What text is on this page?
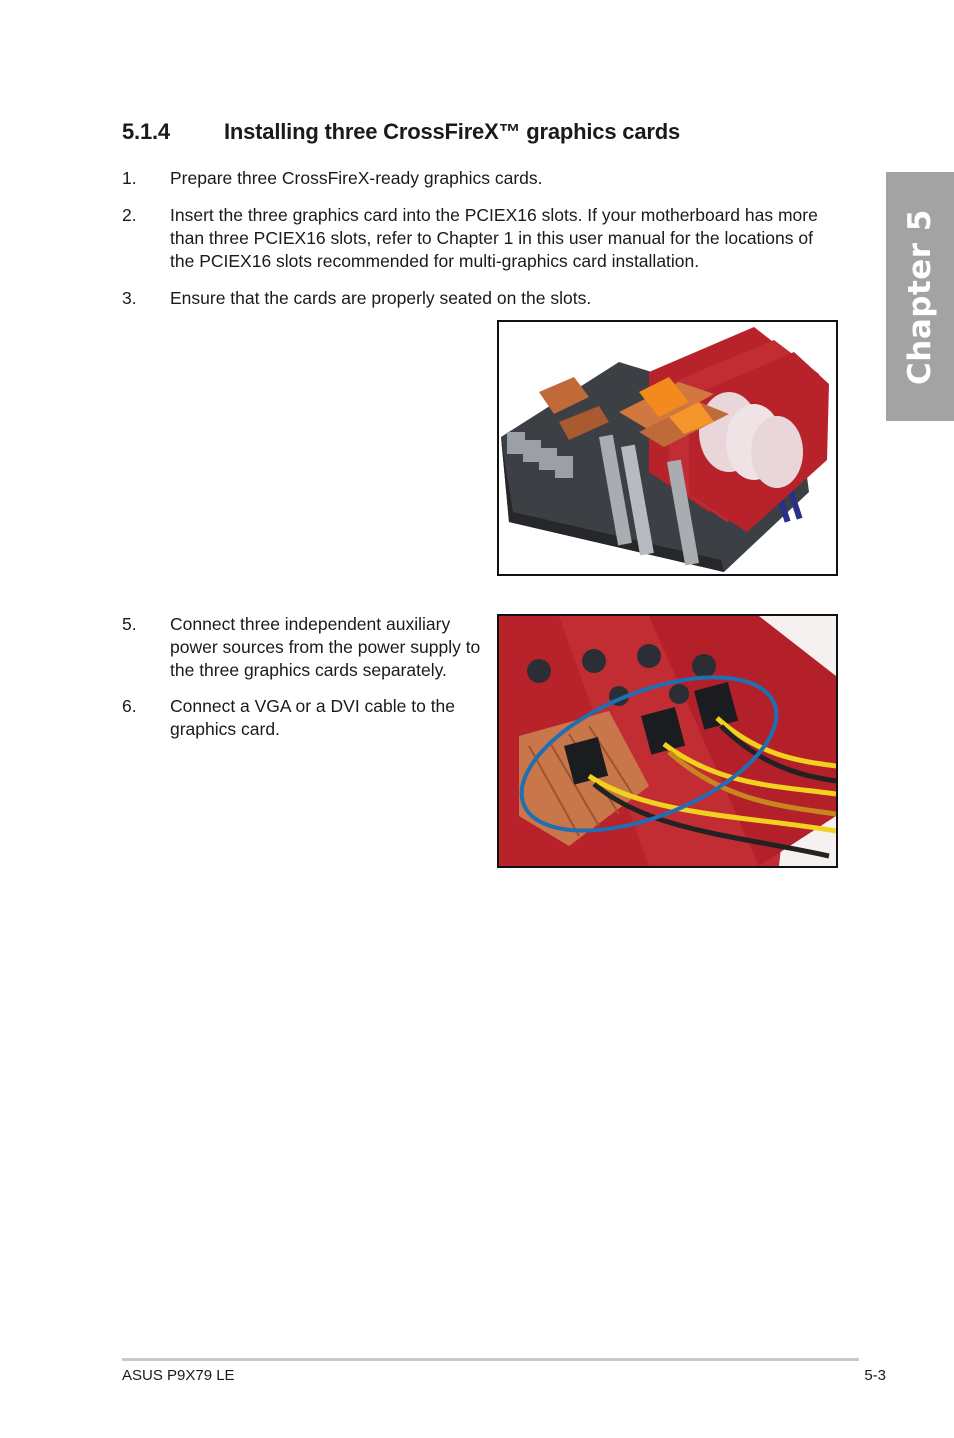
5.1.4 Installing three CrossFireX™ graphics cards
1. Prepare three CrossFireX-ready graphics cards.
2. Insert the three graphics card into the PCIEX16 slots. If your motherboard has more than three PCIEX16 slots, refer to Chapter 1 in this user manual for the locations of the PCIEX16 slots recommended for multi-graphics card installation.
3. Ensure that the cards are properly seated on the slots.
5. Connect three independent auxiliary power sources from the power supply to the three graphics cards separately.
6. Connect a VGA or a DVI cable to the graphics card.
Chapter 5
ASUS P9X79 LE	5-3
